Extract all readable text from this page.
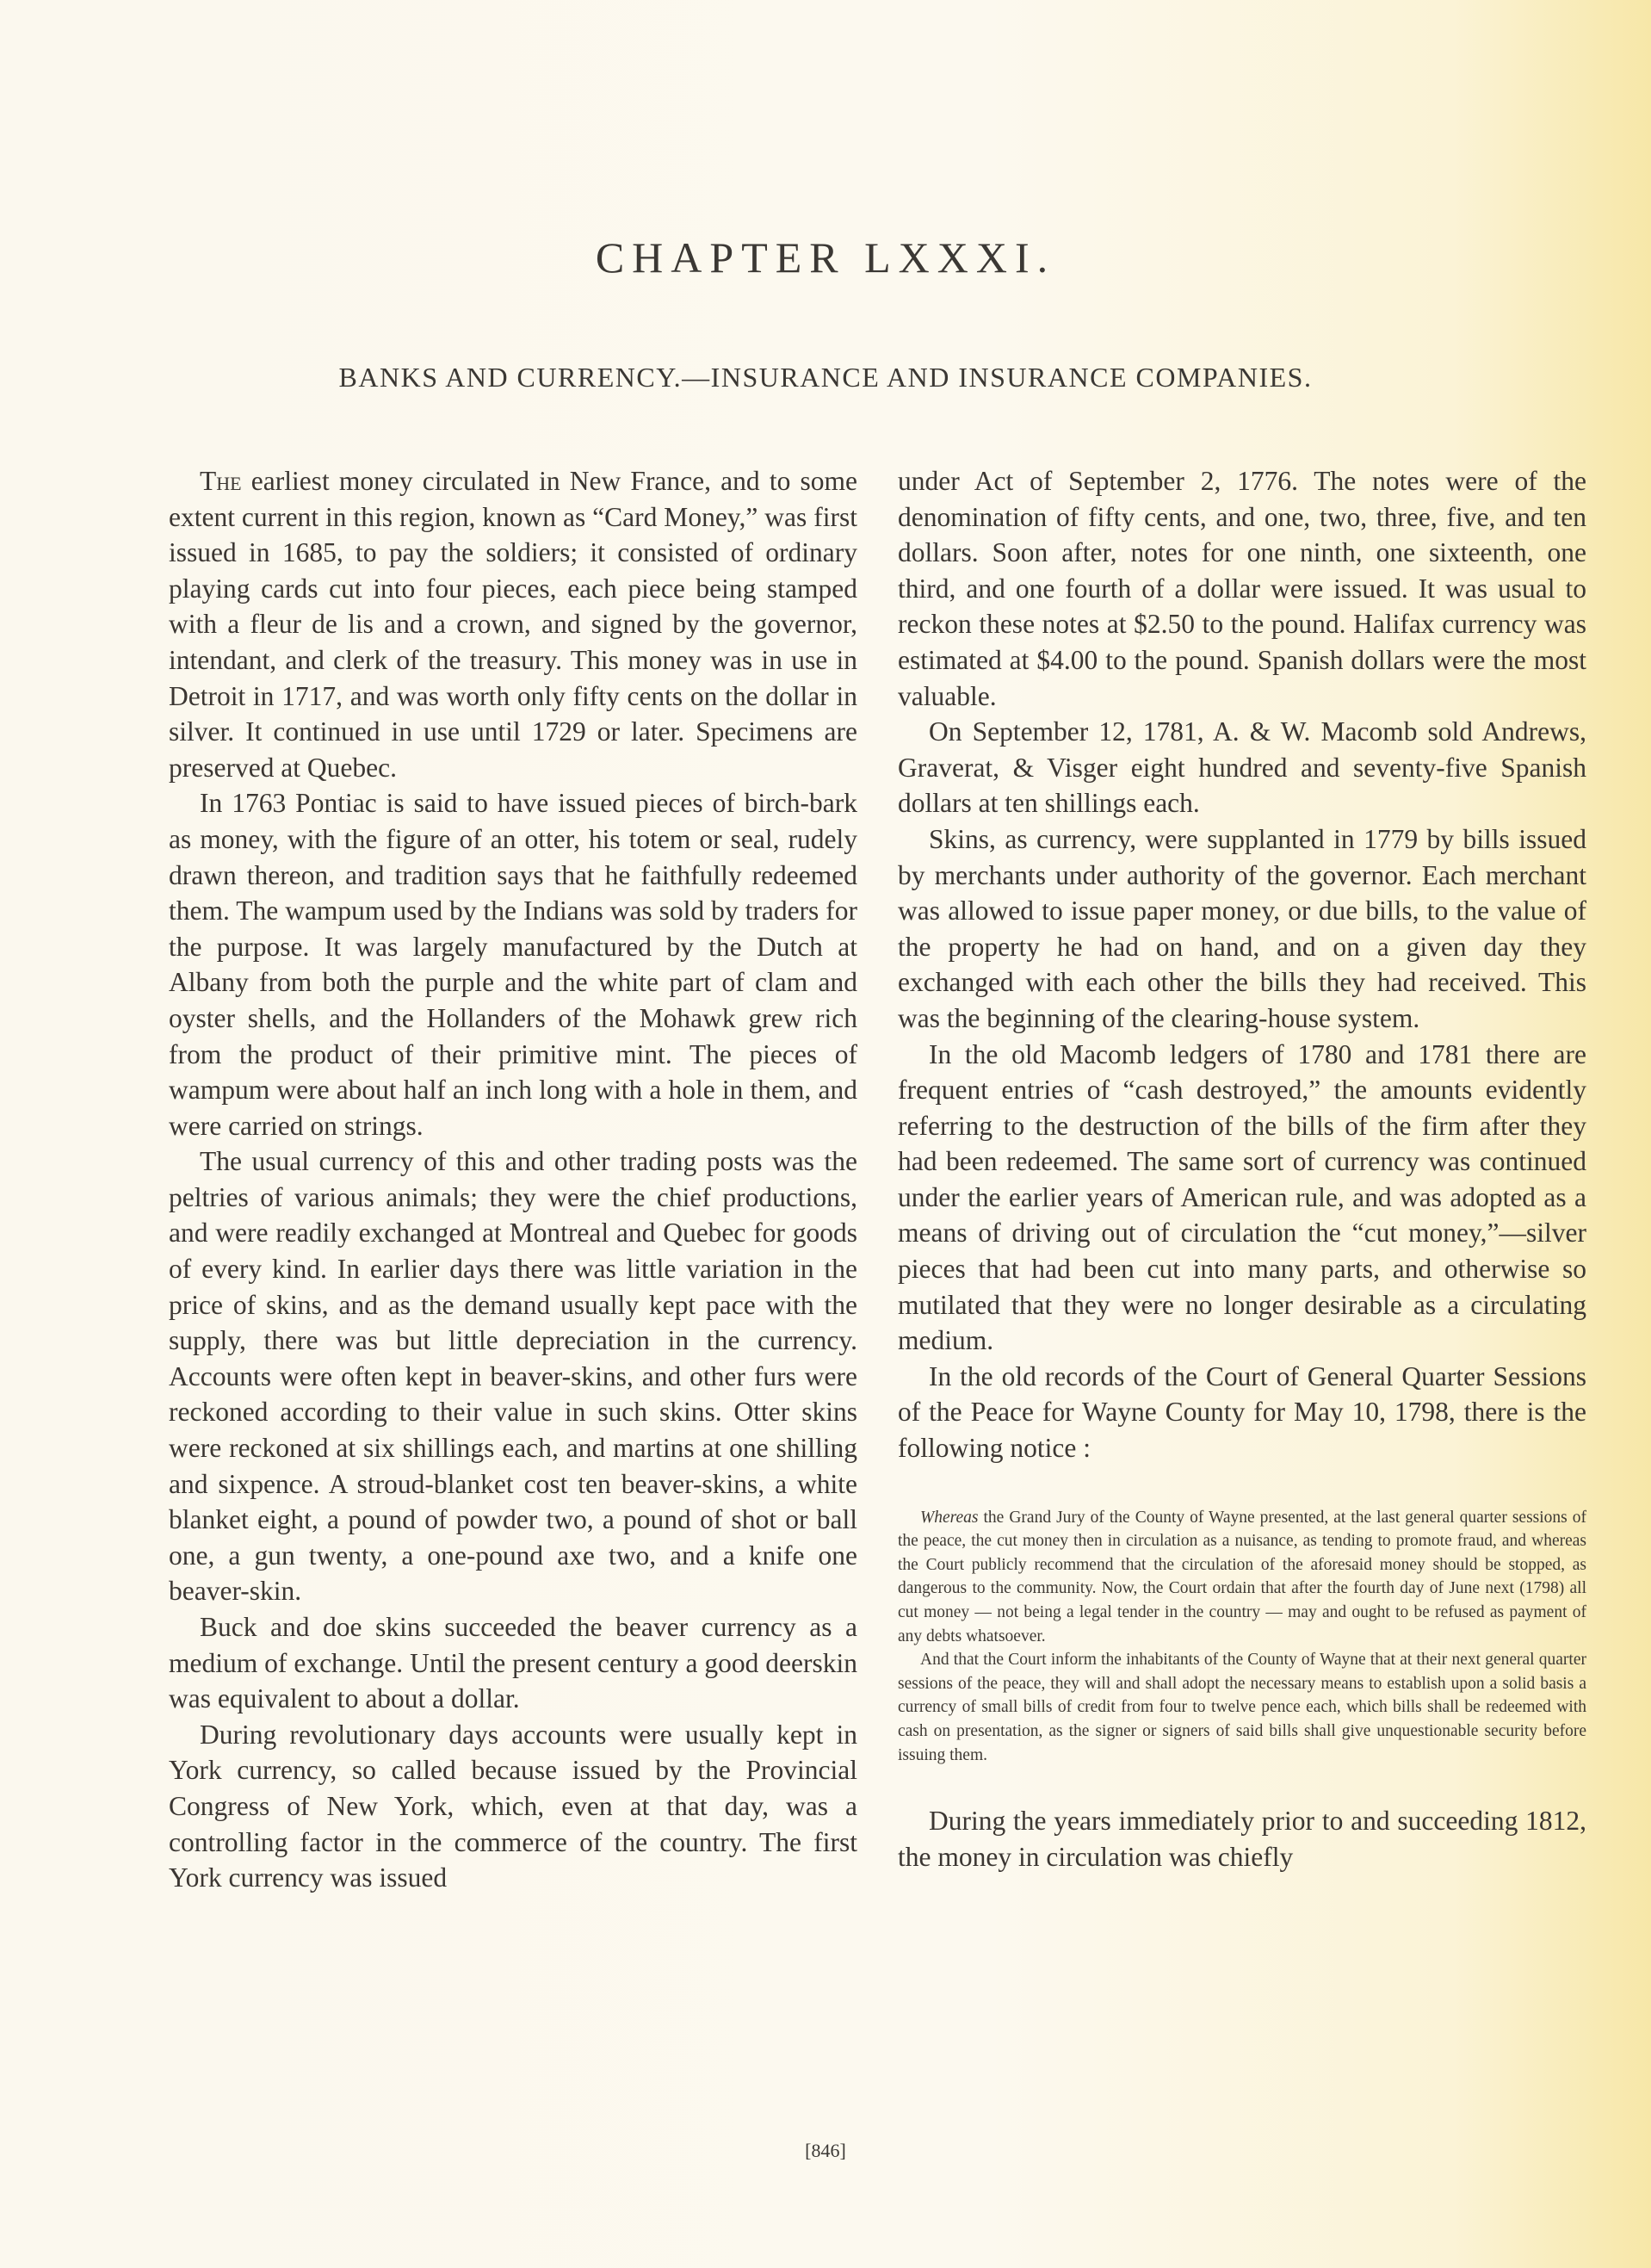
CHAPTER LXXXI.
BANKS AND CURRENCY.—INSURANCE AND INSURANCE COMPANIES.

The earliest money circulated in New France, and to some extent current in this region, known as “Card Money,” was first issued in 1685, to pay the soldiers; it consisted of ordinary playing cards cut into four pieces, each piece being stamped with a fleur de lis and a crown, and signed by the governor, intendant, and clerk of the treasury. This money was in use in Detroit in 1717, and was worth only fifty cents on the dollar in silver. It continued in use until 1729 or later. Specimens are preserved at Quebec.

In 1763 Pontiac is said to have issued pieces of birch-bark as money, with the figure of an otter, his totem or seal, rudely drawn thereon, and tradition says that he faithfully redeemed them. The wampum used by the Indians was sold by traders for the purpose. It was largely manufactured by the Dutch at Albany from both the purple and the white part of clam and oyster shells, and the Hollanders of the Mohawk grew rich from the product of their primitive mint. The pieces of wampum were about half an inch long with a hole in them, and were carried on strings.

The usual currency of this and other trading posts was the peltries of various animals; they were the chief productions, and were readily exchanged at Montreal and Quebec for goods of every kind. In earlier days there was little variation in the price of skins, and as the demand usually kept pace with the supply, there was but little depreciation in the currency. Accounts were often kept in beaver-skins, and other furs were reckoned according to their value in such skins. Otter skins were reckoned at six shillings each, and martins at one shilling and sixpence. A stroud-blanket cost ten beaver-skins, a white blanket eight, a pound of powder two, a pound of shot or ball one, a gun twenty, a one-pound axe two, and a knife one beaver-skin.

Buck and doe skins succeeded the beaver currency as a medium of exchange. Until the present century a good deerskin was equivalent to about a dollar.

During revolutionary days accounts were usually kept in York currency, so called because issued by the Provincial Congress of New York, which, even at that day, was a controlling factor in the commerce of the country. The first York currency was issued

under Act of September 2, 1776. The notes were of the denomination of fifty cents, and one, two, three, five, and ten dollars. Soon after, notes for one ninth, one sixteenth, one third, and one fourth of a dollar were issued. It was usual to reckon these notes at $2.50 to the pound. Halifax currency was estimated at $4.00 to the pound. Spanish dollars were the most valuable.

On September 12, 1781, A. & W. Macomb sold Andrews, Graverat, & Visger eight hundred and seventy-five Spanish dollars at ten shillings each.

Skins, as currency, were supplanted in 1779 by bills issued by merchants under authority of the governor. Each merchant was allowed to issue paper money, or due bills, to the value of the property he had on hand, and on a given day they exchanged with each other the bills they had received. This was the beginning of the clearing-house system.

In the old Macomb ledgers of 1780 and 1781 there are frequent entries of “cash destroyed,” the amounts evidently referring to the destruction of the bills of the firm after they had been redeemed. The same sort of currency was continued under the earlier years of American rule, and was adopted as a means of driving out of circulation the “cut money,”—silver pieces that had been cut into many parts, and otherwise so mutilated that they were no longer desirable as a circulating medium.

In the old records of the Court of General Quarter Sessions of the Peace for Wayne County for May 10, 1798, there is the following notice :

Whereas the Grand Jury of the County of Wayne presented, at the last general quarter sessions of the peace, the cut money then in circulation as a nuisance, as tending to promote fraud, and whereas the Court publicly recommend that the circulation of the aforesaid money should be stopped, as dangerous to the community. Now, the Court ordain that after the fourth day of June next (1798) all cut money — not being a legal tender in the country — may and ought to be refused as payment of any debts whatsoever.

And that the Court inform the inhabitants of the County of Wayne that at their next general quarter sessions of the peace, they will and shall adopt the necessary means to establish upon a solid basis a currency of small bills of credit from four to twelve pence each, which bills shall be redeemed with cash on presentation, as the signer or signers of said bills shall give unquestionable security before issuing them.

During the years immediately prior to and succeeding 1812, the money in circulation was chiefly

[846]
